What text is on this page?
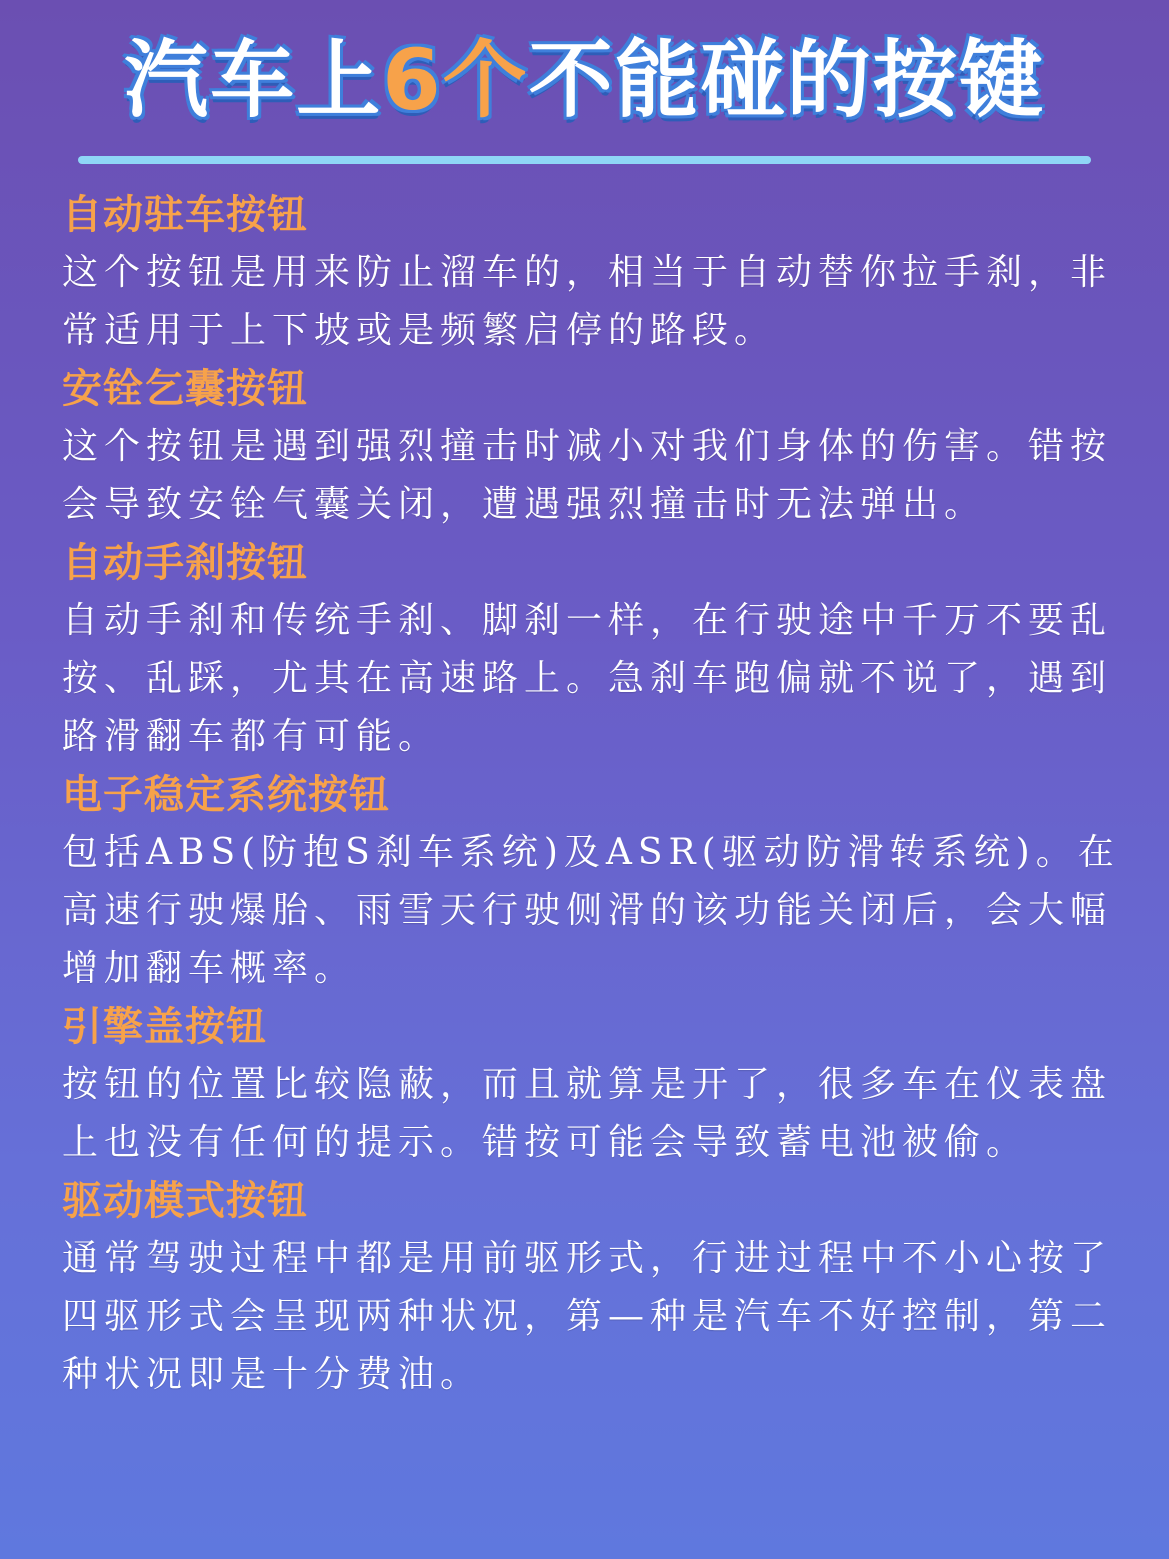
汽车上6个不能碰的按键
自动驻车按钮

这个按钮是用来防止溜车的，相当于自动替你拉手刹，非常适用于上下坡或是频繁启停的路段。

安铨乞囊按钮

这个按钮是遇到强烈撞击时减小对我们身体的伤害。错按会导致安铨气囊关闭，遭遇强烈撞击时无法弹出。

自动手刹按钮

自动手刹和传统手刹、脚刹一样，在行驶途中千万不要乱按、乱踩，尤其在高速路上。急刹车跑偏就不说了，遇到路滑翻车都有可能。

电子稳定系统按钮

包括ABS(防抱S刹车系统)及ASR(驱动防滑转系统)。在高速行驶爆胎、雨雪天行驶侧滑的该功能关闭后，会大幅增加翻车概率。

引擎盖按钮

按钮的位置比较隐蔽，而且就算是开了，很多车在仪表盘上也没有任何的提示。错按可能会导致蓄电池被偷。

驱动模式按钮

通常驾驶过程中都是用前驱形式，行进过程中不小心按了四驱形式会呈现两种状况，第—种是汽车不好控制，第二种状况即是十分费油。
